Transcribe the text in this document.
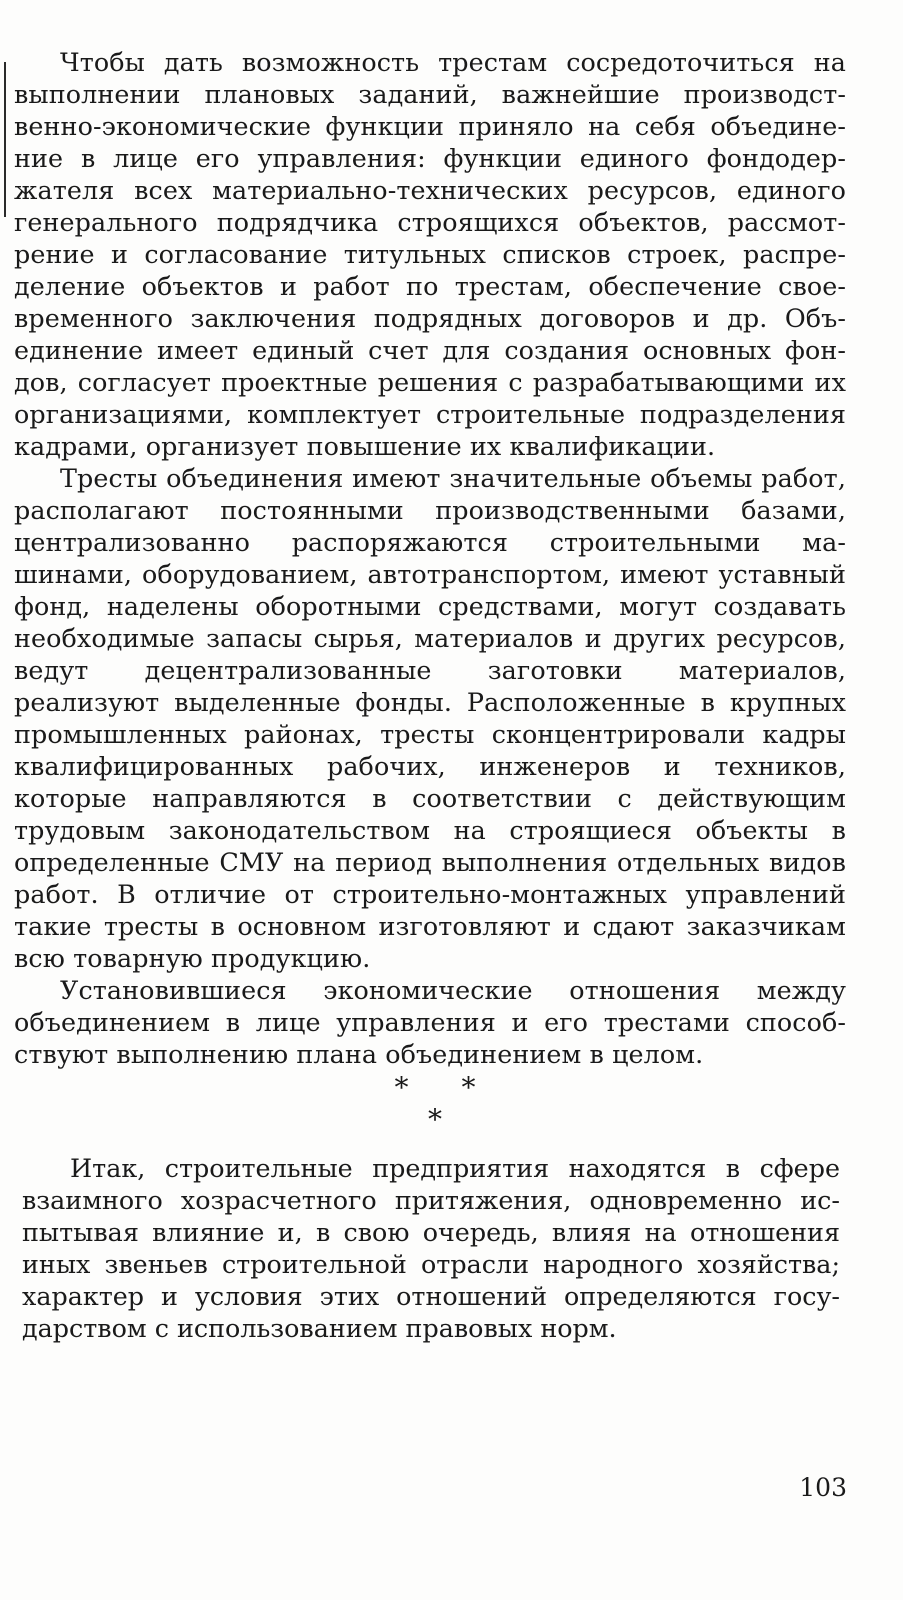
Чтобы дать возможность трестам сосредоточиться на выполнении плановых заданий, важнейшие производственно-экономические функции приняло на себя объединение в лице его управления: функции единого фондодержателя всех материально-технических ресурсов, единого генерального подрядчика строящихся объектов, рассмотрение и согласование титульных списков строек, распределение объектов и работ по трестам, обеспечение своевременного заключения подрядных договоров и др. Объединение имеет единый счет для создания основных фондов, согласует проектные решения с разрабатывающими их организациями, комплектует строительные подразделения кадрами, организует повышение их квалификации.

Тресты объединения имеют значительные объемы работ, располагают постоянными производственными базами, централизованно распоряжаются строительными машинами, оборудованием, автотранспортом, имеют уставный фонд, наделены оборотными средствами, могут создавать необходимые запасы сырья, материалов и других ресурсов, ведут децентрализованные заготовки материалов, реализуют выделенные фонды. Расположенные в крупных промышленных районах, тресты сконцентрировали кадры квалифицированных рабочих, инженеров и техников, которые направляются в соответствии с действующим трудовым законодательством на строящиеся объекты в определенные СМУ на период выполнения отдельных видов работ. В отличие от строительно-монтажных управлений такие тресты в основном изготовляют и сдают заказчикам всю товарную продукцию.

Установившиеся экономические отношения между объединением в лице управления и его трестами способствуют выполнению плана объединением в целом.

* *
*

Итак, строительные предприятия находятся в сфере взаимного хозрасчетного притяжения, одновременно испытывая влияние и, в свою очередь, влияя на отношения иных звеньев строительной отрасли народного хозяйства; характер и условия этих отношений определяются государством с использованием правовых норм.

103
